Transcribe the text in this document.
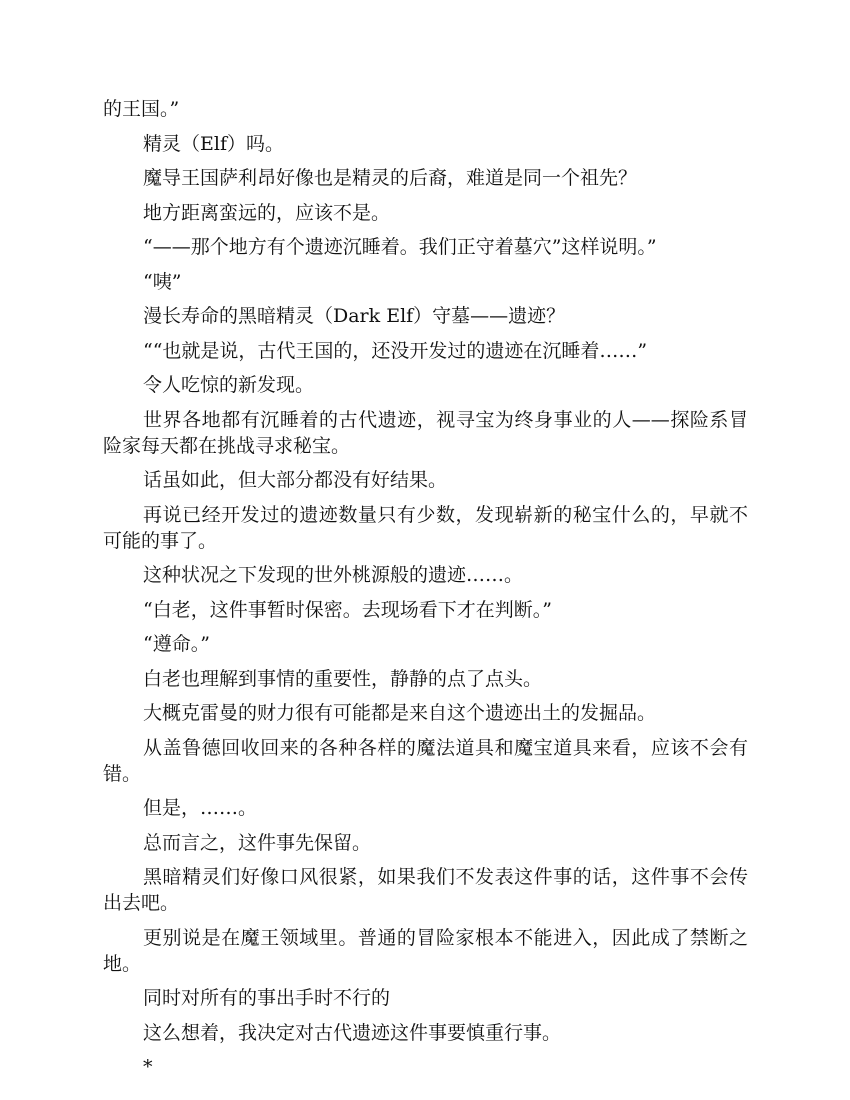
的王国。”

精灵（Elf）吗。

魔导王国萨利昂好像也是精灵的后裔，难道是同一个祖先？

地方距离蛮远的，应该不是。

“——那个地方有个遗迹沉睡着。我们正守着墓穴”这样说明。”

“咦”

漫长寿命的黑暗精灵（Dark Elf）守墓——遗迹？

““也就是说，古代王国的，还没开发过的遗迹在沉睡着……”

令人吃惊的新发现。

世界各地都有沉睡着的古代遗迹，视寻宝为终身事业的人——探险系冒险家每天都在挑战寻求秘宝。

话虽如此，但大部分都没有好结果。

再说已经开发过的遗迹数量只有少数，发现崭新的秘宝什么的，早就不可能的事了。

这种状况之下发现的世外桃源般的遗迹……。

“白老，这件事暂时保密。去现场看下才在判断。”

“遵命。”

白老也理解到事情的重要性，静静的点了点头。

大概克雷曼的财力很有可能都是来自这个遗迹出土的发掘品。

从盖鲁德回收回来的各种各样的魔法道具和魔宝道具来看，应该不会有错。

但是，……。

总而言之，这件事先保留。

黑暗精灵们好像口风很紧，如果我们不发表这件事的话，这件事不会传出去吧。

更别说是在魔王领域里。普通的冒险家根本不能进入，因此成了禁断之地。

同时对所有的事出手时不行的

这么想着，我决定对古代遗迹这件事要慎重行事。

*
